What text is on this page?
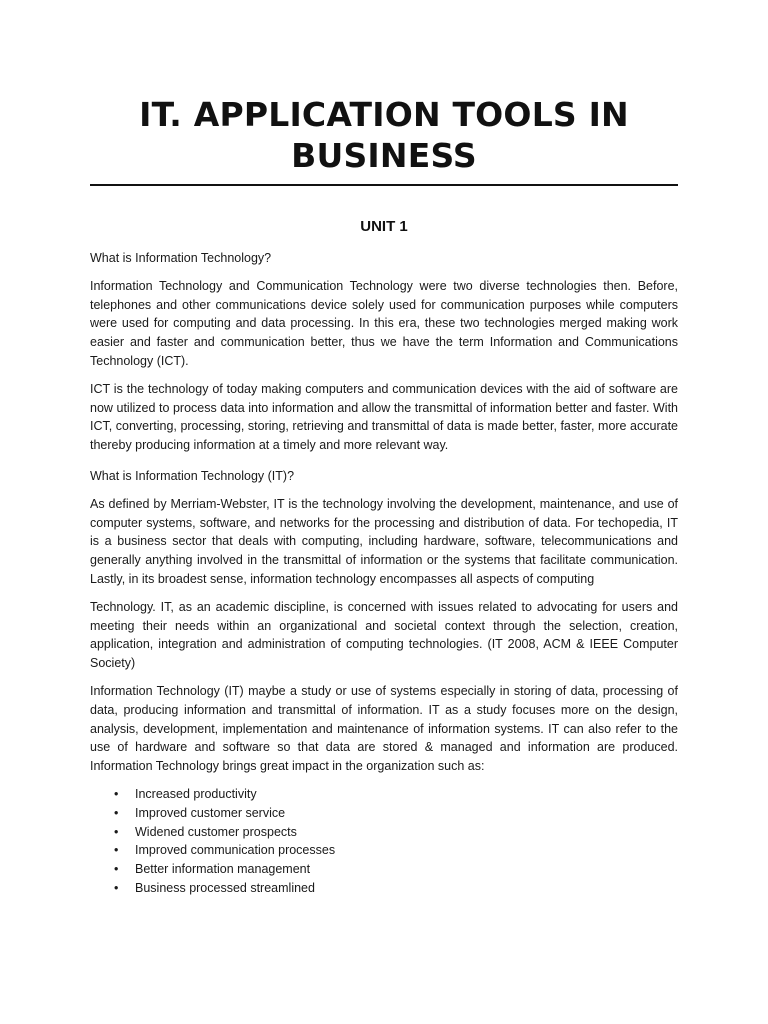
IT. APPLICATION TOOLS IN BUSINESS
UNIT 1

What is Information Technology?

Information Technology and Communication Technology were two diverse technologies then. Before, telephones and other communications device solely used for communication purposes while computers were used for computing and data processing. In this era, these two technologies merged making work easier and faster and communication better, thus we have the term Information and Communications Technology (ICT).

ICT is the technology of today making computers and communication devices with the aid of software are now utilized to process data into information and allow the transmittal of information better and faster. With ICT, converting, processing, storing, retrieving and transmittal of data is made better, faster, more accurate thereby producing information at a timely and more relevant way.

What is Information Technology (IT)?

As defined by Merriam-Webster, IT is the technology involving the development, maintenance, and use of computer systems, software, and networks for the processing and distribution of data. For techopedia, IT is a business sector that deals with computing, including hardware, software, telecommunications and generally anything involved in the transmittal of information or the systems that facilitate communication. Lastly, in its broadest sense, information technology encompasses all aspects of computing

Technology. IT, as an academic discipline, is concerned with issues related to advocating for users and meeting their needs within an organizational and societal context through the selection, creation, application, integration and administration of computing technologies. (IT 2008, ACM & IEEE Computer Society)

Information Technology (IT) maybe a study or use of systems especially in storing of data, processing of data, producing information and transmittal of information. IT as a study focuses more on the design, analysis, development, implementation and maintenance of information systems. IT can also refer to the use of hardware and software so that data are stored & managed and information are produced. Information Technology brings great impact in the organization such as:

• Increased productivity
• Improved customer service
• Widened customer prospects
• Improved communication processes
• Better information management
• Business processed streamlined
